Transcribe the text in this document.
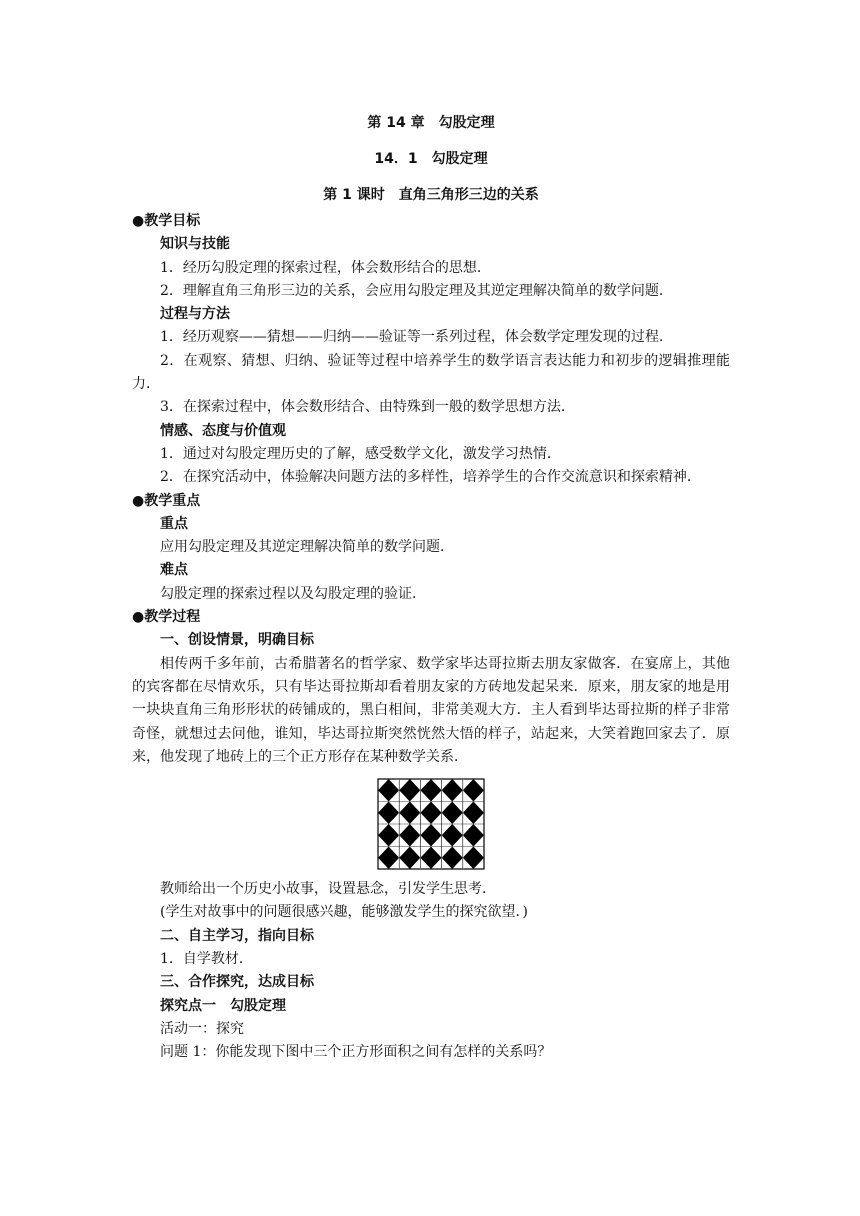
第 14 章　勾股定理
14．1　勾股定理
第 1 课时　直角三角形三边的关系
●教学目标
知识与技能
1．经历勾股定理的探索过程，体会数形结合的思想．
2．理解直角三角形三边的关系，会应用勾股定理及其逆定理解决简单的数学问题．
过程与方法
1．经历观察——猜想——归纳——验证等一系列过程，体会数学定理发现的过程．
2．在观察、猜想、归纳、验证等过程中培养学生的数学语言表达能力和初步的逻辑推理能力．
3．在探索过程中，体会数形结合、由特殊到一般的数学思想方法．
情感、态度与价值观
1．通过对勾股定理历史的了解，感受数学文化，激发学习热情．
2．在探究活动中，体验解决问题方法的多样性，培养学生的合作交流意识和探索精神．
●教学重点
重点
应用勾股定理及其逆定理解决简单的数学问题．
难点
勾股定理的探索过程以及勾股定理的验证．
●教学过程
一、创设情景，明确目标
相传两千多年前，古希腊著名的哲学家、数学家毕达哥拉斯去朋友家做客．在宴席上，其他的宾客都在尽情欢乐，只有毕达哥拉斯却看着朋友家的方砖地发起呆来．原来，朋友家的地是用一块块直角三角形形状的砖铺成的，黑白相间，非常美观大方．主人看到毕达哥拉斯的样子非常奇怪，就想过去问他，谁知，毕达哥拉斯突然恍然大悟的样子，站起来，大笑着跑回家去了．原来，他发现了地砖上的三个正方形存在某种数学关系．
教师给出一个历史小故事，设置悬念，引发学生思考．
(学生对故事中的问题很感兴趣，能够激发学生的探究欲望．)
二、自主学习，指向目标
1．自学教材．
三、合作探究，达成目标
探究点一　勾股定理
活动一：探究
问题 1：你能发现下图中三个正方形面积之间有怎样的关系吗？
